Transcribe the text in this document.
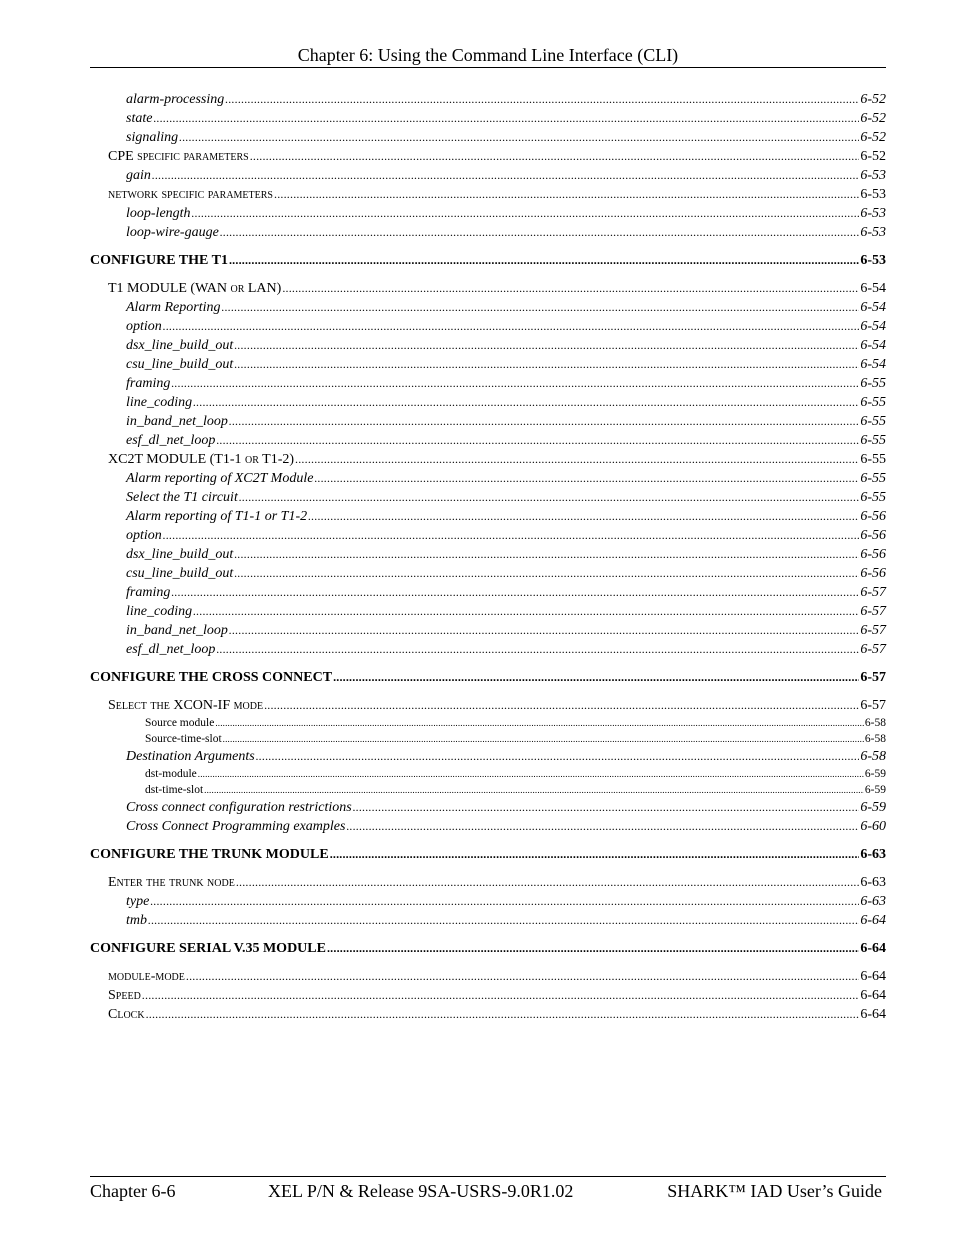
Chapter 6: Using the Command Line Interface (CLI)
alarm-processing .....	6-52
state .....	6-52
signaling .....	6-52
CPE specific parameters .....	6-52
gain .....	6-53
network specific parameters .....	6-53
loop-length .....	6-53
loop-wire-gauge .....	6-53
CONFIGURE THE T1 .....	6-53
T1 MODULE (WAN or LAN) .....	6-54
Alarm Reporting .....	6-54
option .....	6-54
dsx_line_build_out .....	6-54
csu_line_build_out .....	6-54
framing .....	6-55
line_coding .....	6-55
in_band_net_loop .....	6-55
esf_dl_net_loop .....	6-55
XC2T MODULE (T1-1 or T1-2) .....	6-55
Alarm reporting of XC2T Module .....	6-55
Select the T1 circuit .....	6-55
Alarm reporting of T1-1 or T1-2 .....	6-56
option .....	6-56
dsx_line_build_out .....	6-56
csu_line_build_out .....	6-56
framing .....	6-57
line_coding .....	6-57
in_band_net_loop .....	6-57
esf_dl_net_loop .....	6-57
CONFIGURE THE CROSS CONNECT .....	6-57
Select the XCON-IF mode .....	6-57
Source module .....	6-58
Source-time-slot .....	6-58
Destination Arguments .....	6-58
dst-module .....	6-59
dst-time-slot .....	6-59
Cross connect configuration restrictions .....	6-59
Cross Connect Programming examples .....	6-60
CONFIGURE THE TRUNK MODULE .....	6-63
Enter the trunk node .....	6-63
type .....	6-63
tmb .....	6-64
CONFIGURE SERIAL V.35 MODULE .....	6-64
module-mode .....	6-64
Speed .....	6-64
Clock .....	6-64
Chapter 6-6	XEL P/N & Release 9SA-USRS-9.0R1.02	SHARK™ IAD User’s Guide
